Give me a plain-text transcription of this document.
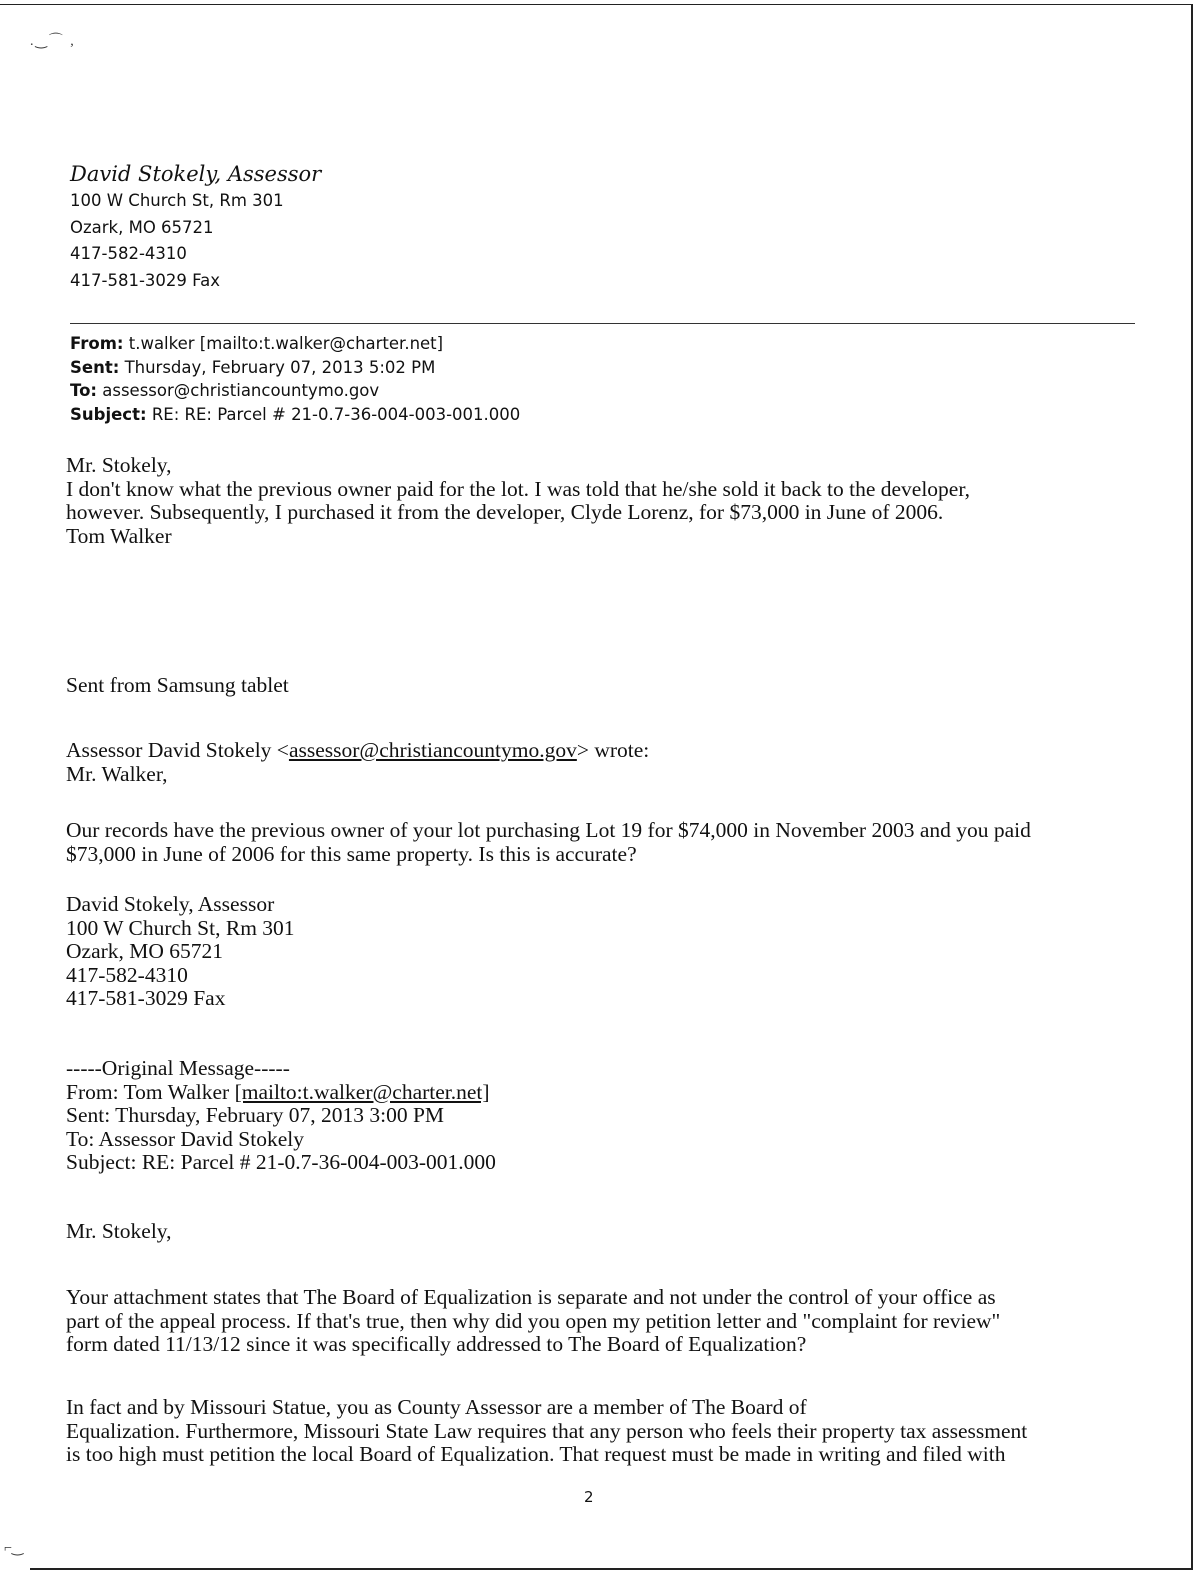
.‿⌒ ,
⌐‿

David Stokely, Assessor

100 W Church St, Rm 301

Ozark, MO 65721

417-582-4310

417-581-3029 Fax

From: t.walker [mailto:t.walker@charter.net]

Sent: Thursday, February 07, 2013 5:02 PM

To: assessor@christiancountymo.gov

Subject: RE: RE: Parcel # 21-0.7-36-004-003-001.000

Mr. Stokely,

I don't know what the previous owner paid for the lot. I was told that he/she sold it back to the developer,

however. Subsequently, I purchased it from the developer, Clyde Lorenz, for $73,000 in June of 2006.

Tom Walker

Sent from Samsung tablet

Assessor David Stokely <assessor@christiancountymo.gov> wrote:

Mr. Walker,

Our records have the previous owner of your lot purchasing Lot 19 for $74,000 in November 2003 and you paid

$73,000 in June of 2006 for this same property. Is this is accurate?

David Stokely, Assessor

100 W Church St, Rm 301

Ozark, MO 65721

417-582-4310

417-581-3029 Fax

-----Original Message-----

From: Tom Walker [mailto:t.walker@charter.net]

Sent: Thursday, February 07, 2013 3:00 PM

To: Assessor David Stokely

Subject: RE: Parcel # 21-0.7-36-004-003-001.000

Mr. Stokely,

Your attachment states that The Board of Equalization is separate and not under the control of your office as

part of the appeal process. If that's true, then why did you open my petition letter and "complaint for review"

form dated 11/13/12 since it was specifically addressed to The Board of Equalization?

In fact and by Missouri Statue, you as County Assessor are a member of The Board of

Equalization. Furthermore, Missouri State Law requires that any person who feels their property tax assessment

is too high must petition the local Board of Equalization. That request must be made in writing and filed with

2
